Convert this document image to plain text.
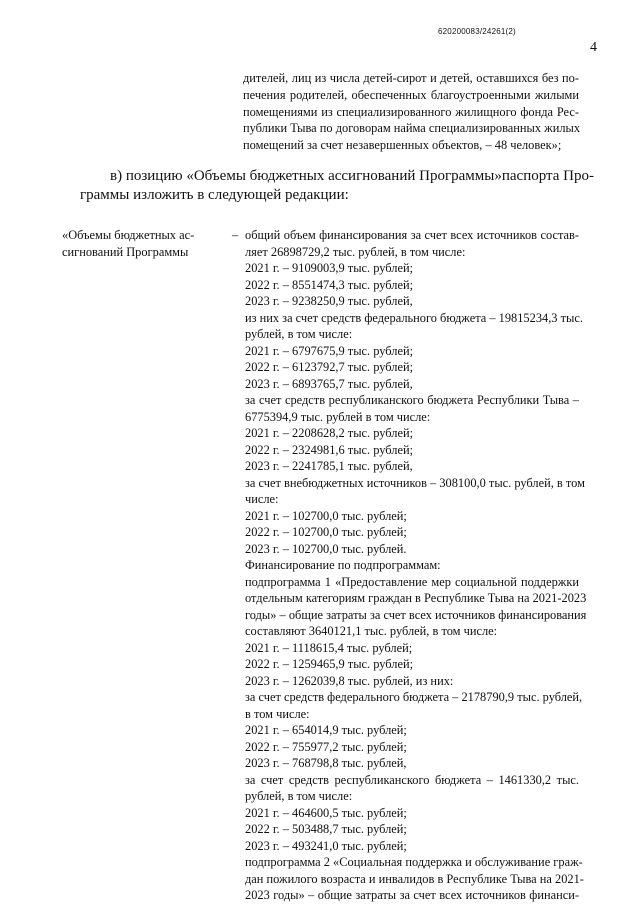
620200083/24261(2)
4
дителей, лиц из числа детей-сирот и детей, оставшихся без по-
печения родителей, обеспеченных благоустроенными жилыми
помещениями из специализированного жилищного фонда Рес-
публики Тыва по договорам найма специализированных жилых
помещений за счет незавершенных объектов, – 48 человек»;
в) позицию «Объемы бюджетных ассигнований Программы»паспорта Про-
граммы изложить в следующей редакции:
«Объемы бюджетных ас-
сигнований Программы
– общий объем финансирования за счет всех источников состав-
ляет 26898729,2 тыс. рублей, в том числе:
2021 г. – 9109003,9 тыс. рублей;
2022 г. – 8551474,3 тыс. рублей;
2023 г. – 9238250,9 тыс. рублей,
из них за счет средств федерального бюджета – 19815234,3 тыс.
рублей, в том числе:
2021 г. – 6797675,9 тыс. рублей;
2022 г. – 6123792,7 тыс. рублей;
2023 г. – 6893765,7 тыс. рублей,
за счет средств республиканского бюджета Республики Тыва –
6775394,9 тыс. рублей в том числе:
2021 г. – 2208628,2 тыс. рублей;
2022 г. – 2324981,6 тыс. рублей;
2023 г. – 2241785,1 тыс. рублей,
за счет внебюджетных источников – 308100,0 тыс. рублей, в том
числе:
2021 г. – 102700,0 тыс. рублей;
2022 г. – 102700,0 тыс. рублей;
2023 г. – 102700,0 тыс. рублей.
Финансирование по подпрограммам:
подпрограмма 1 «Предоставление мер социальной поддержки
отдельным категориям граждан в Республике Тыва на 2021-2023
годы» – общие затраты за счет всех источников финансирования
составляют 3640121,1 тыс. рублей, в том числе:
2021 г. – 1118615,4 тыс. рублей;
2022 г. – 1259465,9 тыс. рублей;
2023 г. – 1262039,8 тыс. рублей, из них:
за счет средств федерального бюджета – 2178790,9 тыс. рублей,
в том числе:
2021 г. – 654014,9 тыс. рублей;
2022 г. – 755977,2 тыс. рублей;
2023 г. – 768798,8 тыс. рублей,
за счет средств республиканского бюджета – 1461330,2 тыс.
рублей, в том числе:
2021 г. – 464600,5 тыс. рублей;
2022 г. – 503488,7 тыс. рублей;
2023 г. – 493241,0 тыс. рублей;
подпрограмма 2 «Социальная поддержка и обслуживание граж-
дан пожилого возраста и инвалидов в Республике Тыва на 2021-
2023 годы» – общие затраты за счет всех источников финанси-
